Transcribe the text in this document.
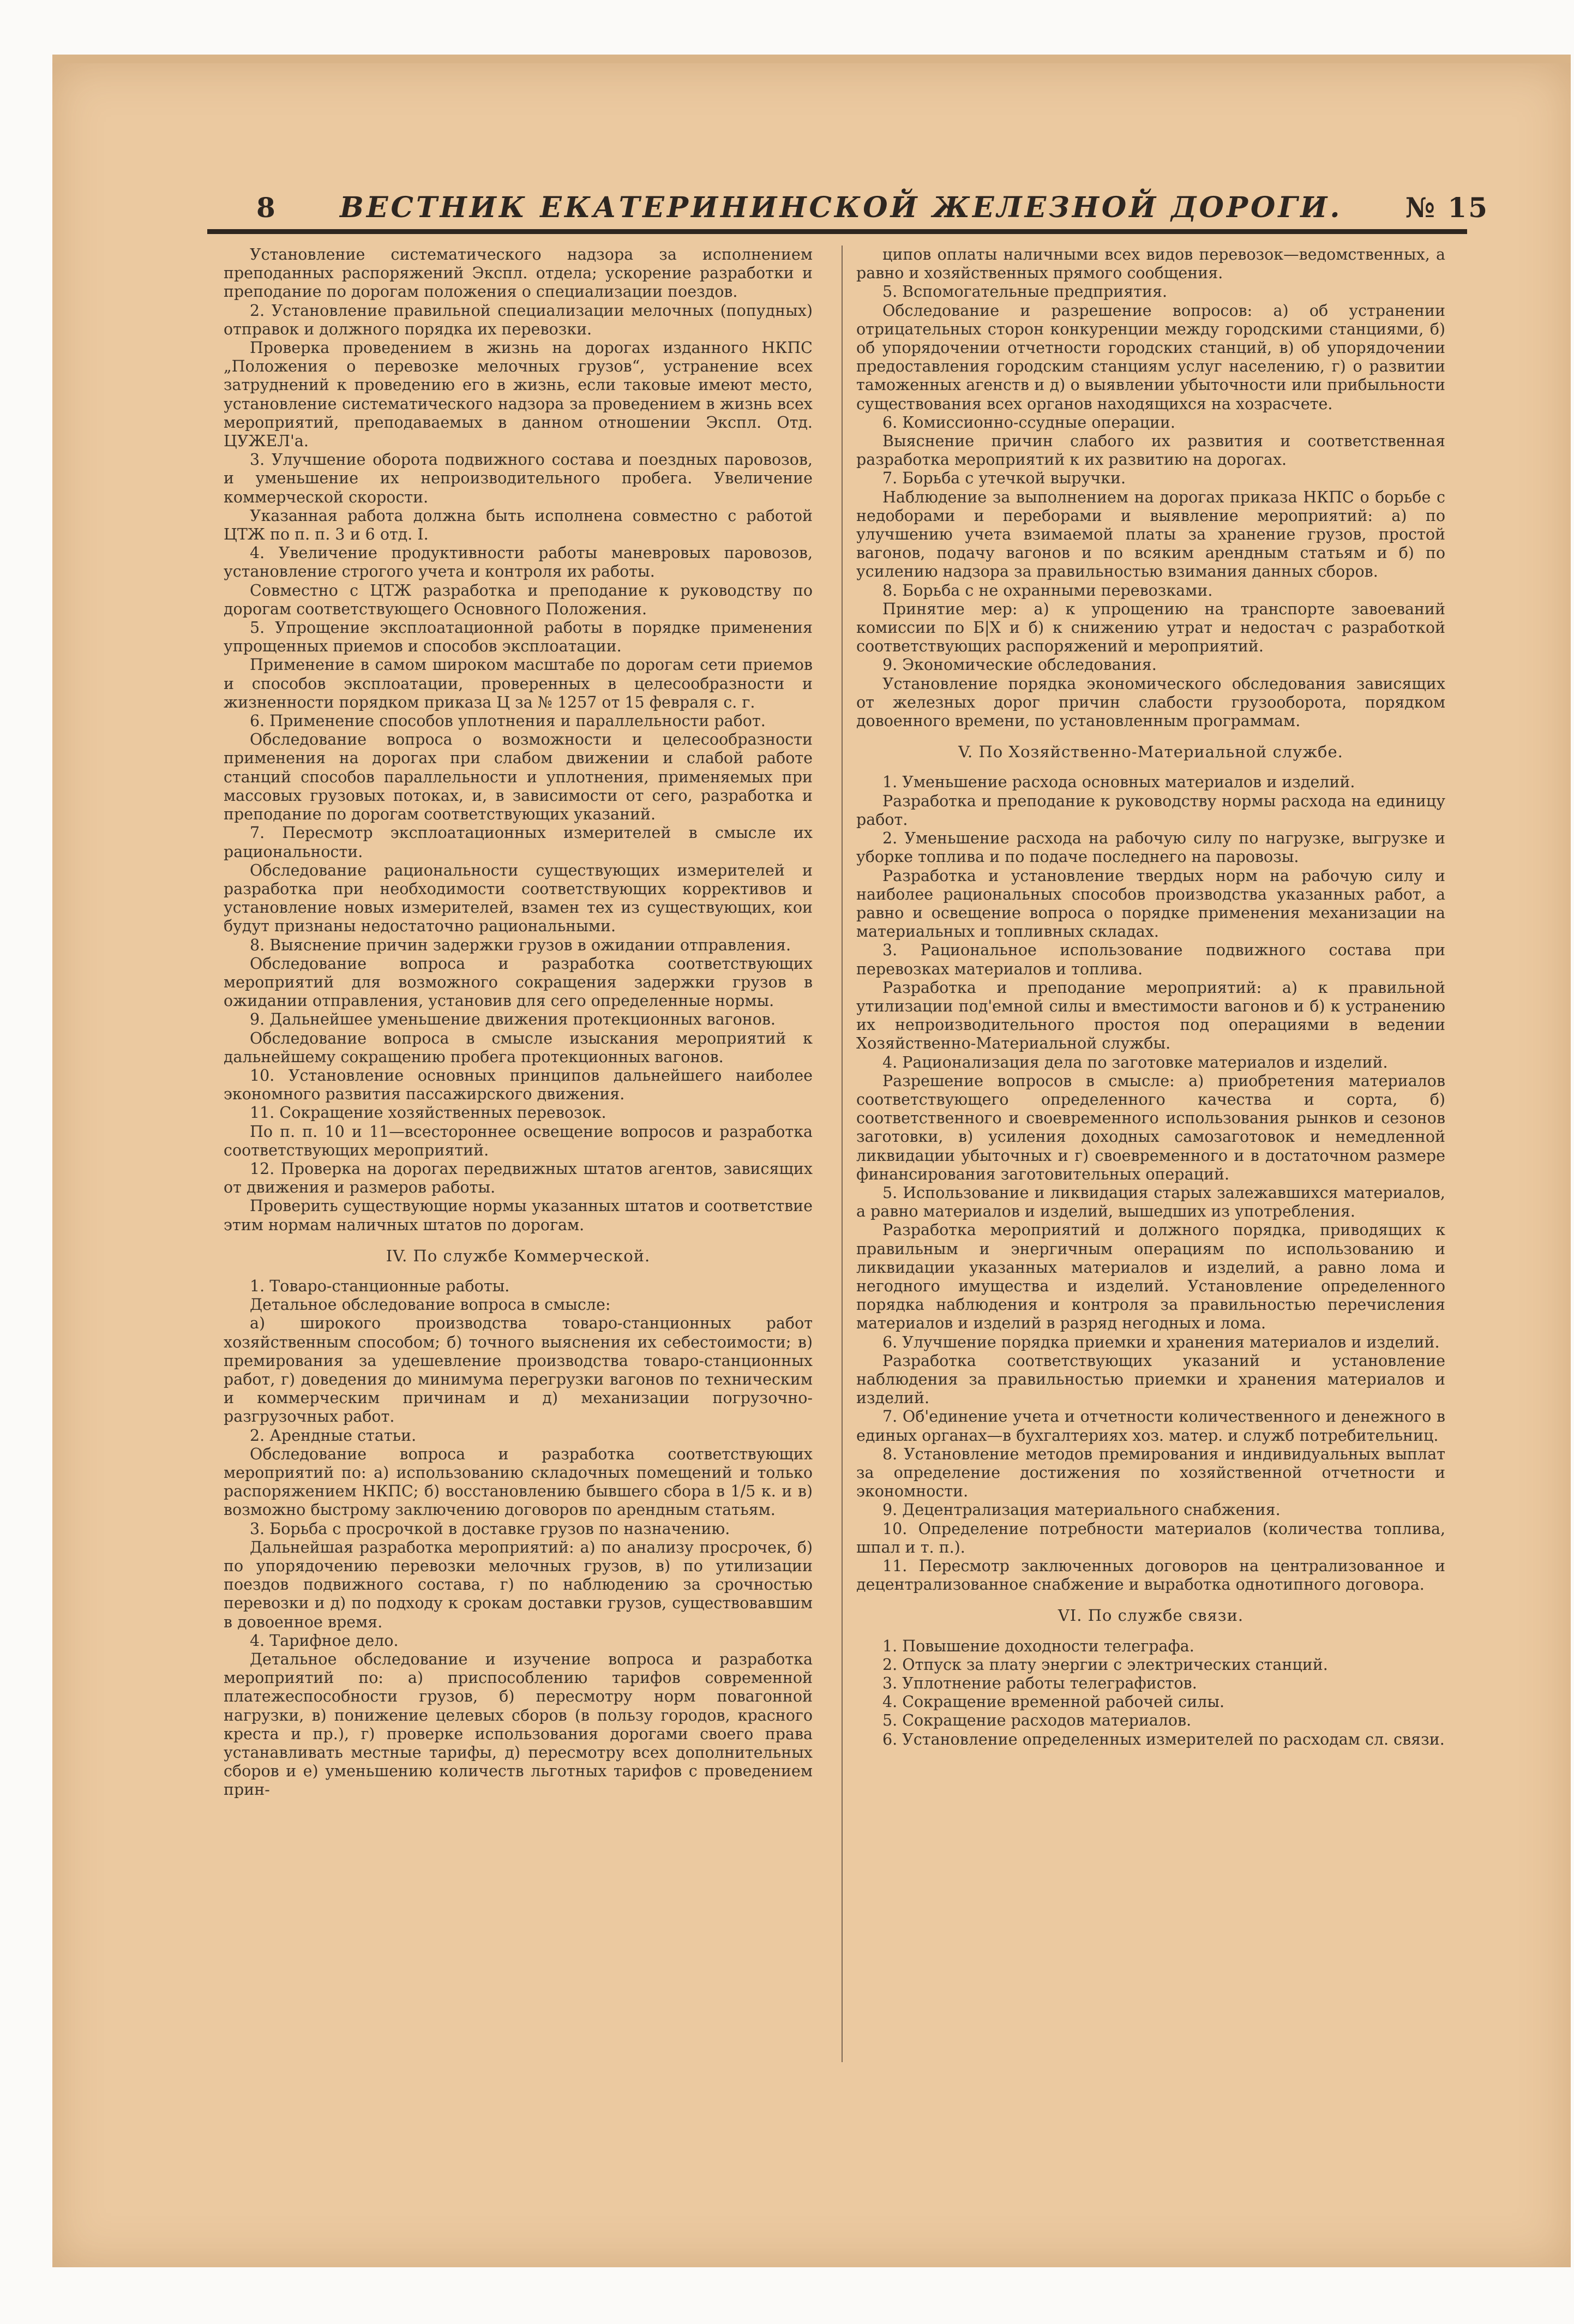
8 ВЕСТНИК ЕКАТЕРИНИНСКОЙ ЖЕЛЕЗНОЙ ДОРОГИ. № 15

Установление систематического надзора за исполнением преподанных распоряжений Экспл. отдела; ускорение разработки и преподание по дорогам положения о специализации поездов.

2. Установление правильной специализации мелочных (попудных) отправок и должного порядка их перевозки.

Проверка проведением в жизнь на дорогах изданного НКПС „Положения о перевозке мелочных грузов“, устранение всех затруднений к проведению его в жизнь, если таковые имеют место, установление систематического надзора за проведением в жизнь всех мероприятий, преподаваемых в данном отношении Экспл. Отд. ЦУЖЕЛ'а.

3. Улучшение оборота подвижного состава и поездных паровозов, и уменьшение их непроизводительного пробега. Увеличение коммерческой скорости.

Указанная работа должна быть исполнена совместно с работой ЦТЖ по п. п. 3 и 6 отд. I.

4. Увеличение продуктивности работы маневровых паровозов, установление строгого учета и контроля их работы.

Совместно с ЦТЖ разработка и преподание к руководству по дорогам соответствующего Основного Положения.

5. Упрощение эксплоатационной работы в порядке применения упрощенных приемов и способов эксплоатации.

Применение в самом широком масштабе по дорогам сети приемов и способов эксплоатации, проверенных в целесообразности и жизненности порядком приказа Ц за № 1257 от 15 февраля с. г.

6. Применение способов уплотнения и параллельности работ.

Обследование вопроса о возможности и целесообразности применения на дорогах при слабом движении и слабой работе станций способов параллельности и уплотнения, применяемых при массовых грузовых потоках, и, в зависимости от сего, разработка и преподание по дорогам соответствующих указаний.

7. Пересмотр эксплоатационных измерителей в смысле их рациональности.

Обследование рациональности существующих измерителей и разработка при необходимости соответствующих коррективов и установление новых измерителей, взамен тех из существующих, кои будут признаны недостаточно рациональными.

8. Выяснение причин задержки грузов в ожидании отправления.

Обследование вопроса и разработка соответствующих мероприятий для возможного сокращения задержки грузов в ожидании отправления, установив для сего определенные нормы.

9. Дальнейшее уменьшение движения протекционных вагонов.

Обследование вопроса в смысле изыскания мероприятий к дальнейшему сокращению пробега протекционных вагонов.

10. Установление основных принципов дальнейшего наиболее экономного развития пассажирского движения.

11. Сокращение хозяйственных перевозок.

По п. п. 10 и 11—всестороннее освещение вопросов и разработка соответствующих мероприятий.

12. Проверка на дорогах передвижных штатов агентов, зависящих от движения и размеров работы.

Проверить существующие нормы указанных штатов и соответствие этим нормам наличных штатов по дорогам.

IV. По службе Коммерческой.

1. Товаро-станционные работы.

Детальное обследование вопроса в смысле:

а) широкого производства товаро-станционных работ хозяйственным способом; б) точного выяснения их себестоимости; в) премирования за удешевление производства товаро-станционных работ, г) доведения до минимума перегрузки вагонов по техническим и коммерческим причинам и д) механизации погрузочно-разгрузочных работ.

2. Арендные статьи.

Обследование вопроса и разработка соответствующих мероприятий по: а) использованию складочных помещений и только распоряжением НКПС; б) восстановлению бывшего сбора в 1/5 к. и в) возможно быстрому заключению договоров по арендным статьям.

3. Борьба с просрочкой в доставке грузов по назначению.

Дальнейшая разработка мероприятий: а) по анализу просрочек, б) по упорядочению перевозки мелочных грузов, в) по утилизации поездов подвижного состава, г) по наблюдению за срочностью перевозки и д) по подходу к срокам доставки грузов, существовавшим в довоенное время.

4. Тарифное дело.

Детальное обследование и изучение вопроса и разработка мероприятий по: а) приспособлению тарифов современной платежеспособности грузов, б) пересмотру норм повагонной нагрузки, в) понижение целевых сборов (в пользу городов, красного креста и пр.), г) проверке использования дорогами своего права устанавливать местные тарифы, д) пересмотру всех дополнительных сборов и е) уменьшению количеств льготных тарифов с проведением прин-

ципов оплаты наличными всех видов перевозок—ведомственных, а равно и хозяйственных прямого сообщения.

5. Вспомогательные предприятия.

Обследование и разрешение вопросов: а) об устранении отрицательных сторон конкуренции между городскими станциями, б) об упорядочении отчетности городских станций, в) об упорядочении предоставления городским станциям услуг населению, г) о развитии таможенных агенств и д) о выявлении убыточности или прибыльности существования всех органов находящихся на хозрасчете.

6. Комиссионно-ссудные операции.

Выяснение причин слабого их развития и соответственная разработка мероприятий к их развитию на дорогах.

7. Борьба с утечкой выручки.

Наблюдение за выполнением на дорогах приказа НКПС о борьбе с недоборами и переборами и выявление мероприятий: а) по улучшению учета взимаемой платы за хранение грузов, простой вагонов, подачу вагонов и по всяким арендным статьям и б) по усилению надзора за правильностью взимания данных сборов.

8. Борьба с не охранными перевозками.

Принятие мер: а) к упрощению на транспорте завоеваний комиссии по Б|Х и б) к снижению утрат и недостач с разработкой соответствующих распоряжений и мероприятий.

9. Экономические обследования.

Установление порядка экономического обследования зависящих от железных дорог причин слабости грузооборота, порядком довоенного времени, по установленным программам.

V. По Хозяйственно-Материальной службе.

1. Уменьшение расхода основных материалов и изделий.

Разработка и преподание к руководству нормы расхода на единицу работ.

2. Уменьшение расхода на рабочую силу по нагрузке, выгрузке и уборке топлива и по подаче последнего на паровозы.

Разработка и установление твердых норм на рабочую силу и наиболее рациональных способов производства указанных работ, а равно и освещение вопроса о порядке применения механизации на материальных и топливных складах.

3. Рациональное использование подвижного состава при перевозках материалов и топлива.

Разработка и преподание мероприятий: а) к правильной утилизации под'емной силы и вместимости вагонов и б) к устранению их непроизводительного простоя под операциями в ведении Хозяйственно-Материальной службы.

4. Рационализация дела по заготовке материалов и изделий.

Разрешение вопросов в смысле: а) приобретения материалов соответствующего определенного качества и сорта, б) соответственного и своевременного использования рынков и сезонов заготовки, в) усиления доходных самозаготовок и немедленной ликвидации убыточных и г) своевременного и в достаточном размере финансирования заготовительных операций.

5. Использование и ликвидация старых залежавшихся материалов, а равно материалов и изделий, вышедших из употребления.

Разработка мероприятий и должного порядка, приводящих к правильным и энергичным операциям по использованию и ликвидации указанных материалов и изделий, а равно лома и негодного имущества и изделий. Установление определенного порядка наблюдения и контроля за правильностью перечисления материалов и изделий в разряд негодных и лома.

6. Улучшение порядка приемки и хранения материалов и изделий.

Разработка соответствующих указаний и установление наблюдения за правильностью приемки и хранения материалов и изделий.

7. Об'единение учета и отчетности количественного и денежного в единых органах—в бухгалтериях хоз. матер. и служб потребительниц.

8. Установление методов премирования и индивидуальных выплат за определение достижения по хозяйственной отчетности и экономности.

9. Децентрализация материального снабжения.

10. Определение потребности материалов (количества топлива, шпал и т. п.).

11. Пересмотр заключенных договоров на централизованное и децентрализованное снабжение и выработка однотипного договора.

VI. По службе связи.

1. Повышение доходности телеграфа.

2. Отпуск за плату энергии с электрических станций.

3. Уплотнение работы телеграфистов.

4. Сокращение временной рабочей силы.

5. Сокращение расходов материалов.

6. Установление определенных измерителей по расходам сл. связи.
